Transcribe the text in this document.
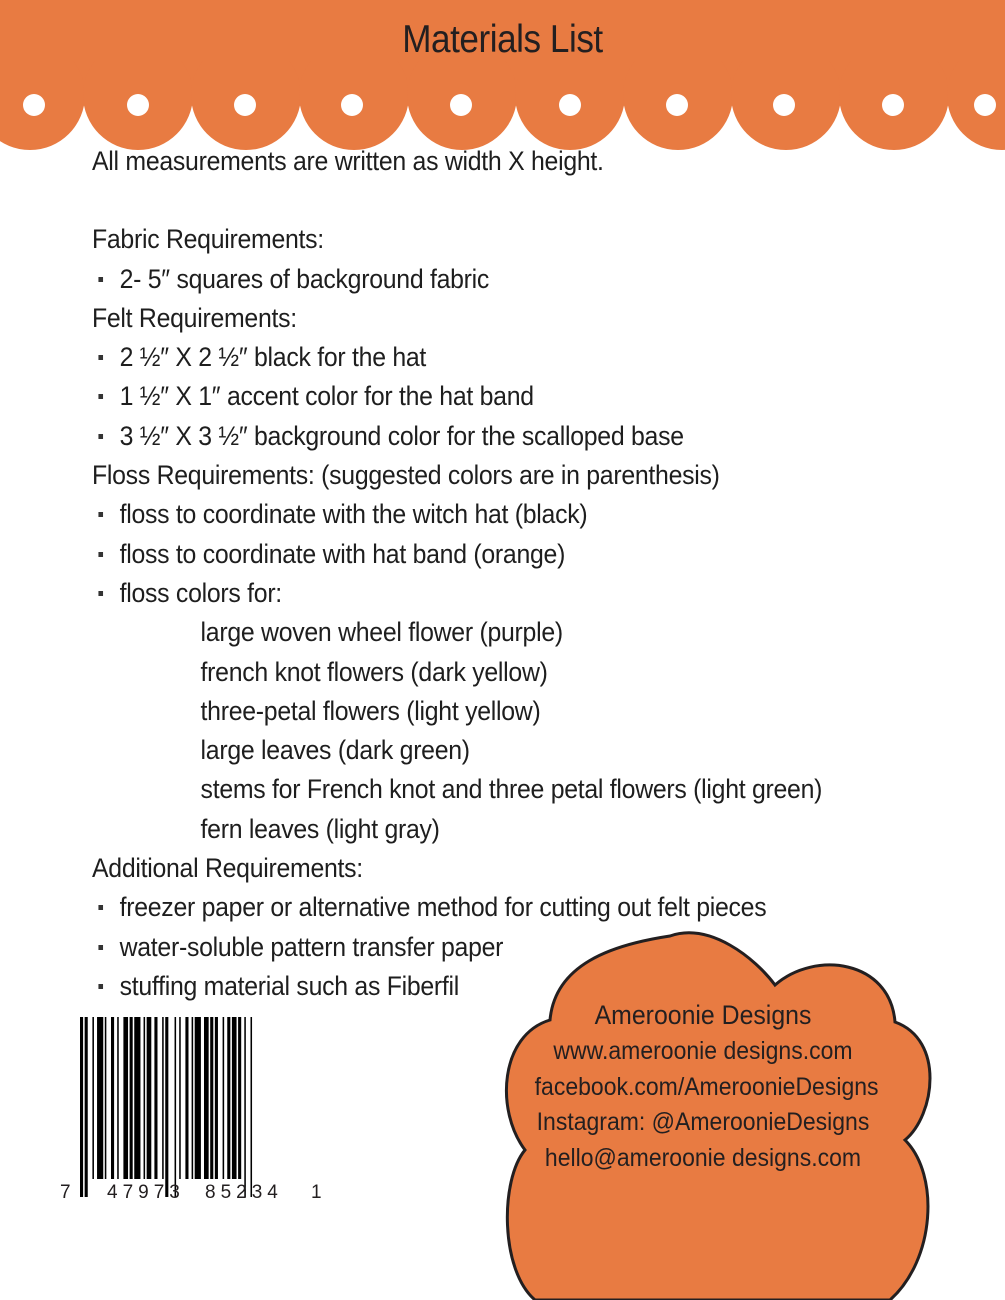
Materials List
All measurements are written as width X height.
Fabric Requirements:
2- 5″ squares of background fabric
Felt Requirements:
2 ½″ X 2 ½″ black for the hat
1 ½″ X 1″ accent color for the hat band
3 ½″ X 3 ½″ background color for the scalloped base
Floss Requirements: (suggested colors are in parenthesis)
floss to coordinate with the witch hat (black)
floss to coordinate with hat band (orange)
floss colors for:
large woven wheel flower (purple)
french knot flowers (dark yellow)
three-petal flowers (light yellow)
large leaves (dark green)
stems for French knot and three petal flowers (light green)
fern leaves (light gray)
Additional Requirements:
freezer paper or alternative method for cutting out felt pieces
water-soluble pattern transfer paper
stuffing material such as Fiberfil
7 47973 85234 1
Ameroonie Designs
www.ameroonie designs.com
facebook.com/AmeroonieDesigns
Instagram: @AmeroonieDesigns
hello@ameroonie designs.com
